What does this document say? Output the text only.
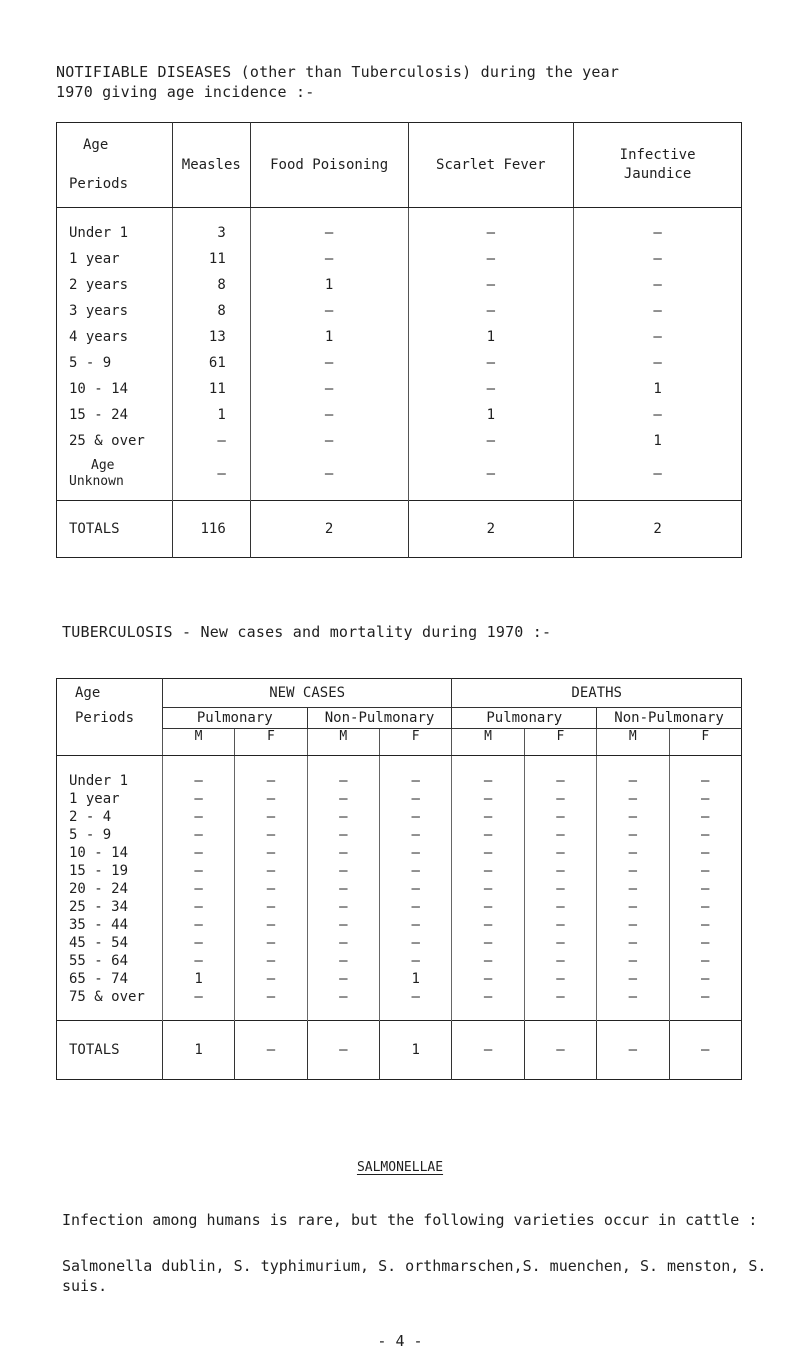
NOTIFIABLE DISEASES (other than Tuberculosis) during the year
1970 giving age incidence :-
Age
Periods	Measles	Food Poisoning	Scarlet Fever	Infective Jaundice
Under 1	3	–	–	–
1 year	11	–	–	–
2 years	8	1	–	–
3 years	8	–	–	–
4 years	13	1	1	–
5 - 9	61	–	–	–
10 - 14	11	–	–	1
15 - 24	1	–	1	–
25 & over	–	–	–	1

Age
Unknown	–	–	–	–
TOTALS	116	2	2	2
TUBERCULOSIS - New cases and mortality during 1970 :-
Age	NEW CASES				DEATHS			
Periods	Pulmonary		Non-Pulmonary		Pulmonary		Non-Pulmonary	
	M	F	M	F	M	F	M	F
Under 1	–	–	–	–	–	–	–	–
1 year	–	–	–	–	–	–	–	–
2 - 4	–	–	–	–	–	–	–	–
5 - 9	–	–	–	–	–	–	–	–
10 - 14	–	–	–	–	–	–	–	–
15 - 19	–	–	–	–	–	–	–	–
20 - 24	–	–	–	–	–	–	–	–
25 - 34	–	–	–	–	–	–	–	–
35 - 44	–	–	–	–	–	–	–	–
45 - 54	–	–	–	–	–	–	–	–
55 - 64	–	–	–	–	–	–	–	–
65 - 74	1	–	–	1	–	–	–	–
75 & over	–	–	–	–	–	–	–	–
TOTALS	1	–	–	1	–	–	–	–
SALMONELLAE
Infection among humans is rare, but the following varieties occur in cattle :
Salmonella dublin, S. typhimurium, S. orthmarschen,S. muenchen, S. menston, S. suis.
- 4 -
